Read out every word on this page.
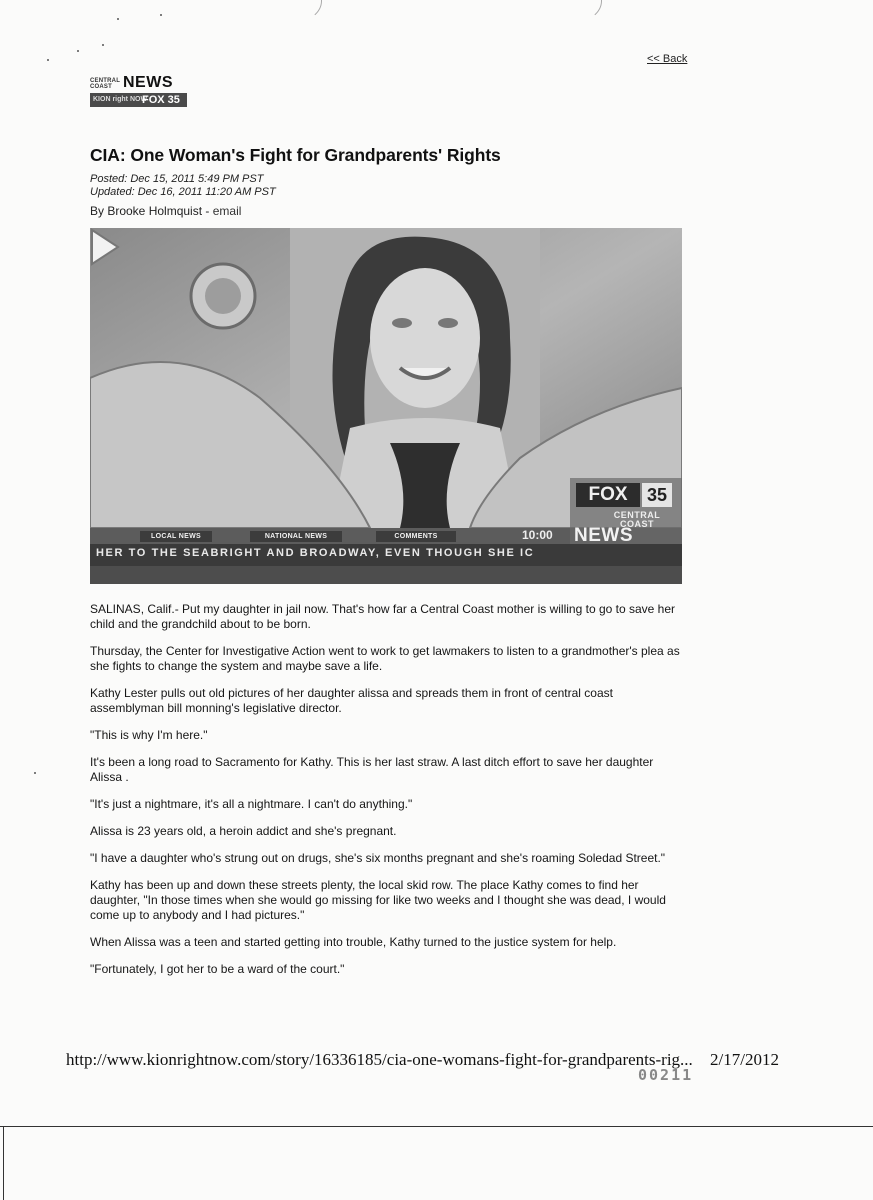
<< Back
CENTRAL COAST NEWS
KION right NOW
FOX 35
CIA: One Woman's Fight for Grandparents' Rights
Posted: Dec 15, 2011 5:49 PM PST
Updated: Dec 16, 2011 11:20 AM PST
By Brooke Holmquist - email
FOX	35
CENTRAL
COAST
NEWS
LOCAL NEWS	NATIONAL NEWS	COMMENTS	10:00
HER TO THE SEABRIGHT AND BROADWAY, EVEN THOUGH SHE IC

SALINAS, Calif.- Put my daughter in jail now. That's how far a Central Coast mother is willing to go to save her child and the grandchild about to be born.

Thursday, the Center for Investigative Action went to work to get lawmakers to listen to a grandmother's plea as she fights to change the system and maybe save a life.

Kathy Lester pulls out old pictures of her daughter alissa and spreads them in front of central coast assemblyman bill monning's legislative director.

"This is why I'm here."

It's been a long road to Sacramento for Kathy. This is her last straw. A last ditch effort to save her daughter Alissa .

"It's just a nightmare, it's all a nightmare. I can't do anything."

Alissa is 23 years old, a heroin addict and she's pregnant.

"I have a daughter who's strung out on drugs, she's six months pregnant and she's roaming Soledad Street."

Kathy has been up and down these streets plenty, the local skid row. The place Kathy comes to find her daughter, "In those times when she would go missing for like two weeks and I thought she was dead, I would come up to anybody and I had pictures."

When Alissa was a teen and started getting into trouble, Kathy turned to the justice system for help.

"Fortunately, I got her to be a ward of the court."

http://www.kionrightnow.com/story/16336185/cia-one-womans-fight-for-grandparents-rig... 2/17/2012
00211
